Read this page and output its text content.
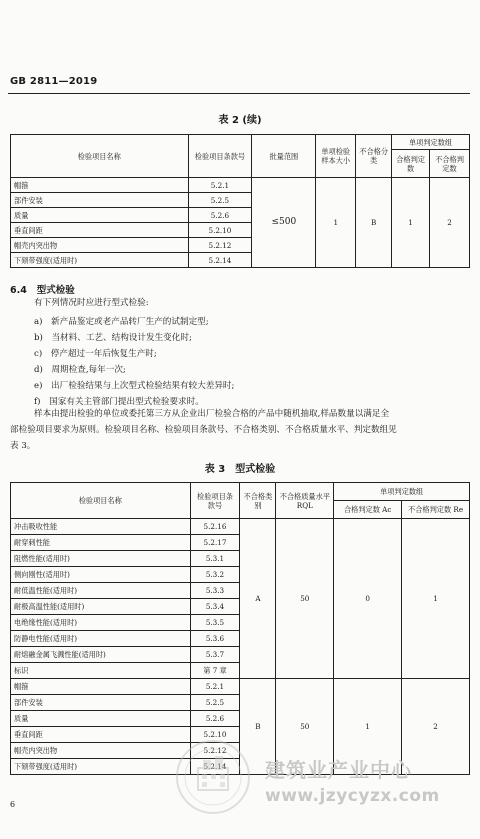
GB 2811—2019
表 2 (续)
检验项目名称	检验项目条款号	批量范围	单项检验样本大小	不合格分类	单项判定数组	
					合格判定数	不合格判定数
帽箍	5.2.1	≤500	1	B	1	2
部件安装	5.2.5					
质量	5.2.6					
垂直间距	5.2.10					
帽壳内突出物	5.2.12					
下颏带强度(适用时)	5.2.14					
6.4 型式检验
有下列情况时应进行型式检验:
a)　新产品鉴定或老产品转厂生产的试制定型;
b)　当材料、工艺、结构设计发生变化时;
c)　停产超过一年后恢复生产时;
d)　周期检查,每年一次;
e)　出厂检验结果与上次型式检验结果有较大差异时;
f)　国家有关主管部门提出型式检验要求时。
样本由提出检验的单位或委托第三方从企业出厂检验合格的产品中随机抽取,样品数量以满足全
部检验项目要求为原则。检验项目名称、检验项目条款号、不合格类别、不合格质量水平、判定数组见
表 3。
表 3　型式检验
检验项目名称	检验项目条款号	不合格类别	不合格质量水平 RQL	单项判定数组	
				合格判定数 Ac	不合格判定数 Re
冲击吸收性能	5.2.16	A	50	0	1
耐穿刺性能	5.2.17				
阻燃性能(适用时)	5.3.1				
侧向刚性(适用时)	5.3.2				
耐低温性能(适用时)	5.3.3				
耐极高温性能(适用时)	5.3.4				
电绝缘性能(适用时)	5.3.5				
防静电性能(适用时)	5.3.6				
耐熔融金属飞溅性能(适用时)	5.3.7				
标识	第 7 章				
帽箍	5.2.1	B	50	1	2
部件安装	5.2.5				
质量	5.2.6				
垂直间距	5.2.10				
帽壳内突出物	5.2.12				
下颏带强度(适用时)	5.2.14				
6
建筑业产业中心
www.jzycyzx.com
